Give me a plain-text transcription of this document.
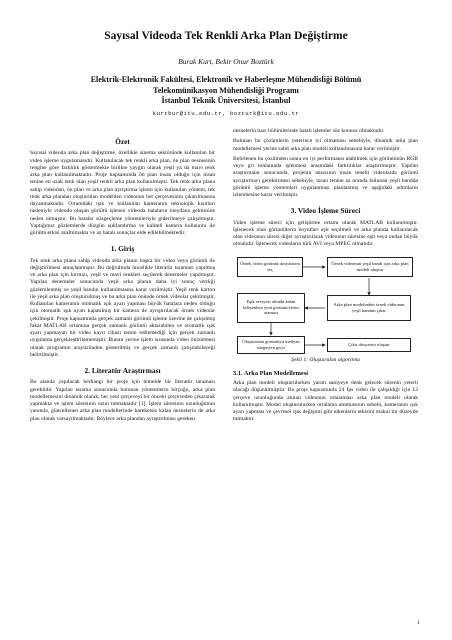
Sayısal Videoda Tek Renkli Arka Plan Değiştirme
Burak Kurt, Bekir Onur Boztürk
Elektrik-Elektronik Fakültesi, Elektronik ve Haberleşme Mühendisliği Bölümü
Telekomünikasyon Mühendisliği Programı
İstanbul Teknik Üniversitesi, İstanbul
kurtbur@itu.edu.tr, bozturk@itu.edu.tr
Özet

Sayısal videoda arka plan değiştirme, özellikle sinema sektöründe kullanılan bir video işleme uygulamasıdır. Kullanılacak tek renkli arka plan, ön plan nesnesinin rengine göre farklılık göstermekle birlikte yaygın olarak yeşil ya da mavi renk arka plan kullanılmaktadır. Proje kapsamında ön plan insan olduğu için insan tenine en uzak renk olan yeşil renkli arka plan kullanılmıştır. Tek renk arka plana sahip videodan, ön plan ve arka plan ayrıştırma işlemi için kullanılan yöntem, tek renk arka plandan oluşturulan modelden videonun her çerçevesinin çıkarılmasına dayanmaktadır. Ortamdaki ışık ve kullanılan kameranın teknolojik kısıtları nedeniyle videoda oluşan gürültü işlenen videoda hataların meydana gelmesine neden olmuştur. Bu hatalar süzgeçleme yöntemleriyle giderilmeye çalışılmıştır. Yaptığımız gözlemlerde düzgün ışıklandırma ve kaliteli kamera kullanımı ile gürültü etkisi azaltılmakta ve az hatalı sonuçlar elde edilebilmektedir.

1. Giriş

Tek renk arka plana sahip videoda arka planın başka bir video veya görüntü ile değiştirilmesi amaçlanmıştır. Bu doğrultuda öncelikle literatür taraması yapılmış ve arka plan için kırmızı, yeşil ve mavi renkleri seçilerek denemeler yapılmıştır. Yapılan denemeler sonucunda yeşil arka planın daha iyi sonuç verdiği gözlemlenmiş ve yeşil bandın kullanılmasına karar verilmiştir. Yeşil renk karton ile yeşil arka plan oluşturulmuş ve bu arka plan önünde örnek videolar çekilmiştir. Kullanılan kameranın otomatik ışık ayarı yapması büyük hatalara neden olduğu için otomatik ışık ayarı kapatılmış bir kamera ile ayrıştırılacak örnek videolar çekilmiştir. Proje kapsamında gerçek zamanlı görüntü işleme üzerine de çalışılmış fakat MATLAB ortamına gerçek zamanlı görüntü aktarabilen ve otomatik ışık ayarı yapmayan bir video kayıt cihazı temin edilemediği için gerçek zamanlı uygulama gerçekleştirilememiştir. Bunun yerine işlem sırasında video önizlemesi olarak programın arayüzünden gösterilmiş ve gerçek zamanlı çalışılabileceği belirtilmiştir.

2. Literatür Araştırması

Bu alanda yapılacak herhangi bir proje için temelde bir literatür taraması gereklidir. Yapılan tarama sonucunda bulunan yöntemlerin birçoğu, arka plan modellemesini dinamik olarak, her yeni çerçeveyi bir önceki çerçeveden çıkararak yapmakta ve işlem süresinin uzun tutmaktadır [1]. İşlem süresinin uzunluğunun yanında, güncellenen arka plan modellerinde hareketsiz kalan nesnelerin de arka plan olarak varsayılmaktadır. Böylece arka plandan ayrıştırılması gereken

nesnelerin bazı bölümlerinde hatalı işlemler söz konusu olmaktadır.

Bulunan bu çözümlerin yeterince iyi olmaması sebebiyle, dinamik arka plan modellemesi yerine sabit arka plan modeli kullanılmasına karar verilmiştir.

Belirlenen bu çözümden sonra en iyi performansı alabilmek için görüntünün RGB veya gri tonlamada işlenmesi arasındaki farklılıklar araştırılmıştır. Yapılan araştırmalar sonucunda, projenin amacının insan tenelli videolarda görüntü ayrıştırmayı gerektirmesi sebebiyle, insan tenine az oranda bulunan yeşil bandda görüntü işleme yöntemleri uygulanması planlanmış ve aşağıdaki adımların izlenmesine karar verilmiştir.

3. Video İşleme Süreci

Video işleme süreci için geliştirme ortamı olarak MATLAB kullanılmıştır. İşlenecek olan görüntülerin boyutları eşit seçilmeli ve arka planda kullanılacak olan videonun süresi diğer ayrıştırılacak videonun süresine eşit veya ondan büyük olmalıdır. İşlenecek videoların türü AVI veya MPEG olmalıdır.

Örnek video görüntü dosyalarını seç
Örnek videonun yeşil bandı için arka plan modeli oluştur
Eşik seviyesi altında kalan bileşenlere yeni görüntü/video ataması
Arka plan modelinden örnek videonun yeşil bandını çıkar
Oluşturulan görüntüyü medyan süzgeçten geçir
Çıktı dosyasını oluştur
Şekil 1: Oluşturulan algoritma
3.1. Arka Plan Modellemesi

Arka plan modeli oluşturulurken yarım saniyeye denk gelecek sürenin yeterli olacağı düşünülmüştür. Bu proje kapsamında 24 fps video ile çalışıldığı için 12 çerçeve uzunluğunda alınan videonun ortalaması arka plan modeli olarak kullanılmıştır. Model oluşturulurken ortalama alınmasının sebebi, kameranın ışık ayarı yapması ve çevresel ışık değişimi gibi etkenlerin etkisini makul bir düzeyde tutmaktır.

1
